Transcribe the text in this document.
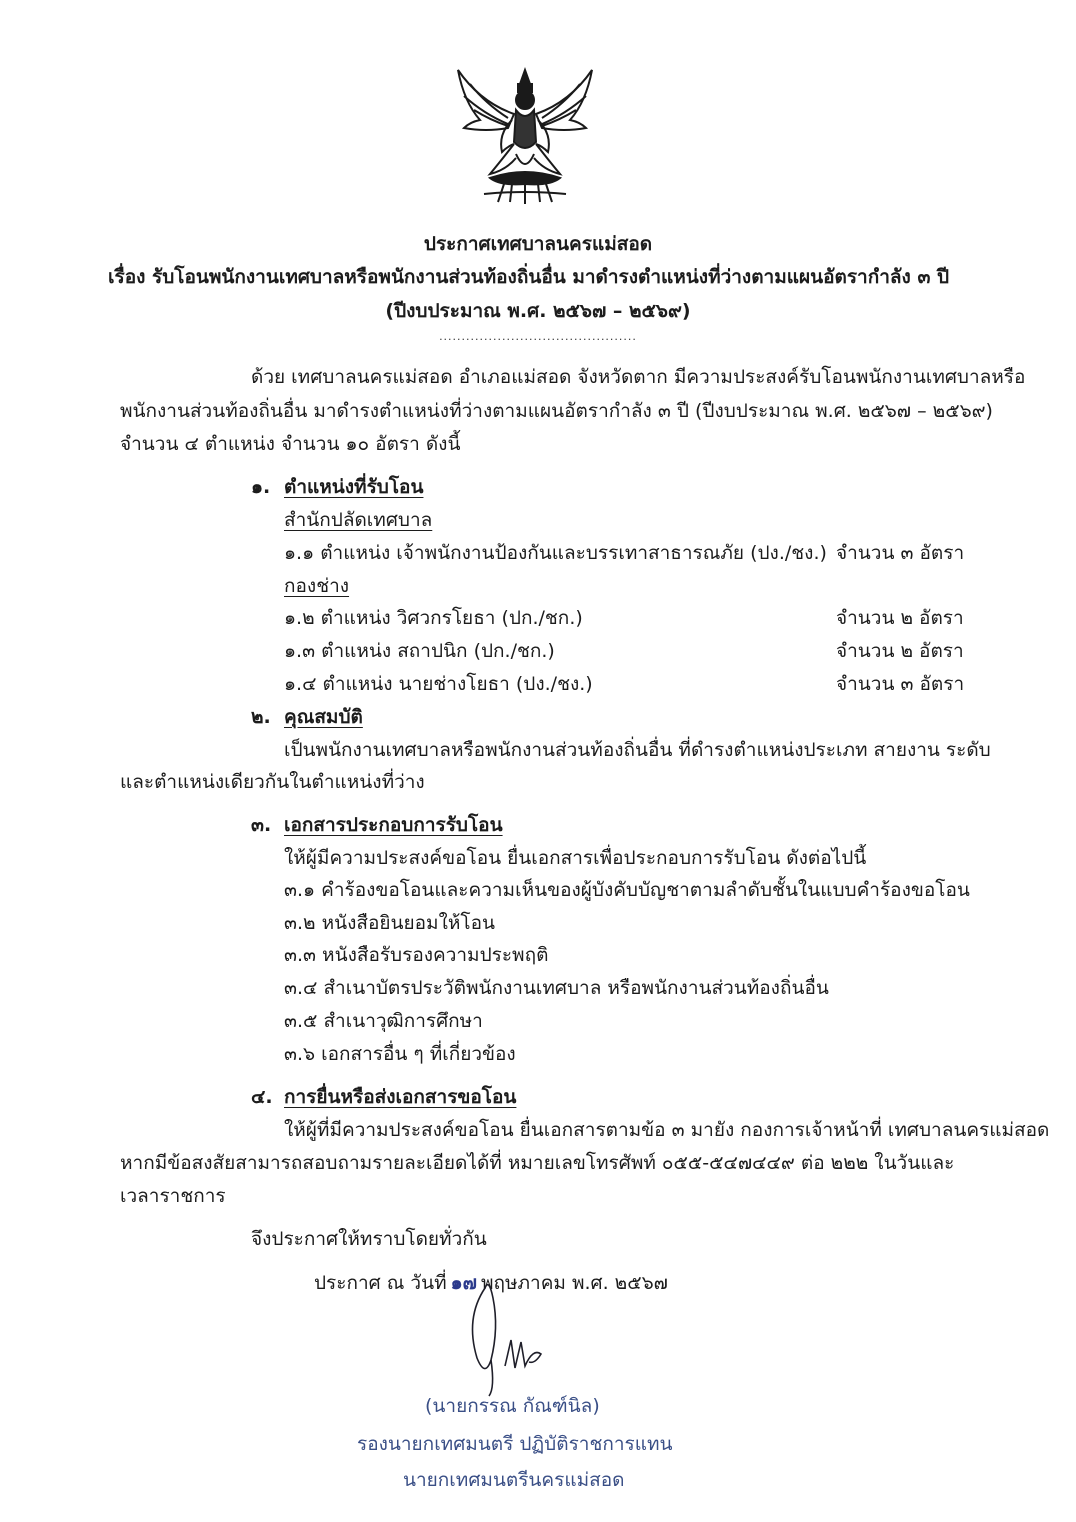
ประกาศเทศบาลนครแม่สอด
เรื่อง รับโอนพนักงานเทศบาลหรือพนักงานส่วนท้องถิ่นอื่น มาดำรงตำแหน่งที่ว่างตามแผนอัตรากำลัง ๓ ปี
(ปีงบประมาณ พ.ศ. ๒๕๖๗ – ๒๕๖๙)
............................................
ด้วย เทศบาลนครแม่สอด อำเภอแม่สอด จังหวัดตาก มีความประสงค์รับโอนพนักงานเทศบาลหรือ
พนักงานส่วนท้องถิ่นอื่น มาดำรงตำแหน่งที่ว่างตามแผนอัตรากำลัง ๓ ปี (ปีงบประมาณ พ.ศ. ๒๕๖๗ – ๒๕๖๙)
จำนวน ๔ ตำแหน่ง จำนวน ๑๐ อัตรา ดังนี้
๑. ตำแหน่งที่รับโอน
สำนักปลัดเทศบาล
๑.๑ ตำแหน่ง เจ้าพนักงานป้องกันและบรรเทาสาธารณภัย (ปง./ชง.) จำนวน ๓ อัตรา
กองช่าง
๑.๒ ตำแหน่ง วิศวกรโยธา (ปก./ชก.)	จำนวน ๒ อัตรา
๑.๓ ตำแหน่ง สถาปนิก (ปก./ชก.)	จำนวน ๒ อัตรา
๑.๔ ตำแหน่ง นายช่างโยธา (ปง./ชง.)	จำนวน ๓ อัตรา
๒. คุณสมบัติ
เป็นพนักงานเทศบาลหรือพนักงานส่วนท้องถิ่นอื่น ที่ดำรงตำแหน่งประเภท สายงาน ระดับ
และตำแหน่งเดียวกันในตำแหน่งที่ว่าง
๓. เอกสารประกอบการรับโอน
ให้ผู้มีความประสงค์ขอโอน ยื่นเอกสารเพื่อประกอบการรับโอน ดังต่อไปนี้
๓.๑ คำร้องขอโอนและความเห็นของผู้บังคับบัญชาตามลำดับชั้นในแบบคำร้องขอโอน
๓.๒ หนังสือยินยอมให้โอน
๓.๓ หนังสือรับรองความประพฤติ
๓.๔ สำเนาบัตรประวัติพนักงานเทศบาล หรือพนักงานส่วนท้องถิ่นอื่น
๓.๕ สำเนาวุฒิการศึกษา
๓.๖ เอกสารอื่น ๆ ที่เกี่ยวข้อง
๔. การยื่นหรือส่งเอกสารขอโอน
ให้ผู้ที่มีความประสงค์ขอโอน ยื่นเอกสารตามข้อ ๓ มายัง กองการเจ้าหน้าที่ เทศบาลนครแม่สอด
หากมีข้อสงสัยสามารถสอบถามรายละเอียดได้ที่ หมายเลขโทรศัพท์ ๐๕๕-๕๔๗๔๔๙ ต่อ ๒๒๒ ในวันและ
เวลาราชการ
จึงประกาศให้ทราบโดยทั่วกัน
ประกาศ ณ วันที่ ๑๗ พฤษภาคม พ.ศ. ๒๕๖๗
(นายกรรณ กัณฑ์นิล)
รองนายกเทศมนตรี ปฏิบัติราชการแทน
นายกเทศมนตรีนครแม่สอด
